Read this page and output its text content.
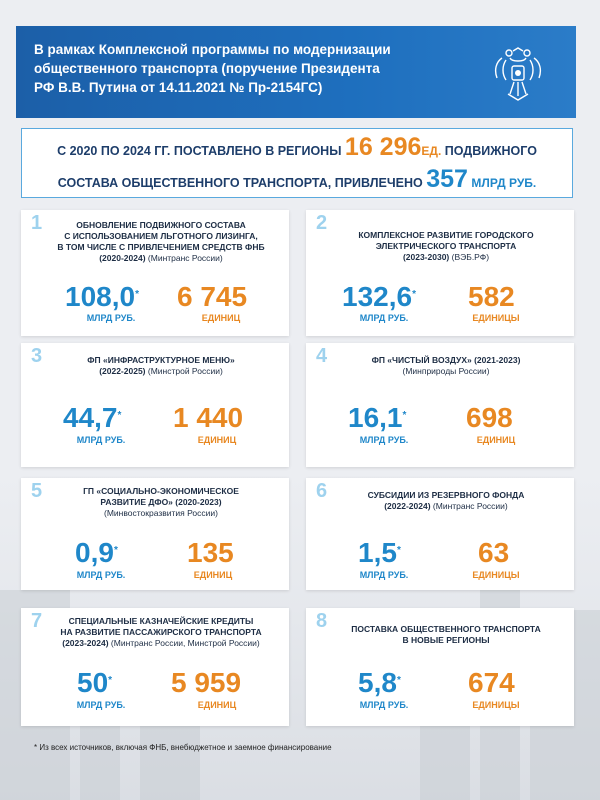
В рамках Комплексной программы по модернизации
общественного транспорта (поручение Президента
РФ В.В. Путина от 14.11.2021 № Пр-2154ГС)
С 2020 ПО 2024 ГГ. ПОСТАВЛЕНО В РЕГИОНЫ 16 296ЕД. ПОДВИЖНОГО
СОСТАВА ОБЩЕСТВЕННОГО ТРАНСПОРТА, ПРИВЛЕЧЕНО 357 МЛРД РУБ.
1	ОБНОВЛЕНИЕ ПОДВИЖНОГО СОСТАВА
С ИСПОЛЬЗОВАНИЕМ ЛЬГОТНОГО ЛИЗИНГА,
В ТОМ ЧИСЛЕ С ПРИВЛЕЧЕНИЕМ СРЕДСТВ ФНБ
(2020-2024) (Минтранс России)
108,0*
МЛРД РУБ.
6 745
ЕДИНИЦ
2
КОМПЛЕКСНОЕ РАЗВИТИЕ ГОРОДСКОГО
ЭЛЕКТРИЧЕСКОГО ТРАНСПОРТА
(2023-2030) (ВЭБ.РФ)
132,6*
МЛРД РУБ.
582
ЕДИНИЦЫ
3	ФП «ИНФРАСТРУКТУРНОЕ МЕНЮ»
(2022-2025) (Минстрой России)
44,7*
МЛРД РУБ.
1 440
ЕДИНИЦ
4	ФП «ЧИСТЫЙ ВОЗДУХ» (2021-2023)
(Минприроды России)
16,1*
МЛРД РУБ.
698
ЕДИНИЦ
5	ГП «СОЦИАЛЬНО-ЭКОНОМИЧЕСКОЕ
РАЗВИТИЕ ДФО» (2020-2023)
(Минвостокразвития России)
0,9*
МЛРД РУБ.
135
ЕДИНИЦ
6	СУБСИДИИ ИЗ РЕЗЕРВНОГО ФОНДА
(2022-2024) (Минтранс России)
1,5*
МЛРД РУБ.
63
ЕДИНИЦЫ
7	СПЕЦИАЛЬНЫЕ КАЗНАЧЕЙСКИЕ КРЕДИТЫ
НА РАЗВИТИЕ ПАССАЖИРСКОГО ТРАНСПОРТА
(2023-2024) (Минтранс России, Минстрой России)
50*
МЛРД РУБ.
5 959
ЕДИНИЦ
8	ПОСТАВКА ОБЩЕСТВЕННОГО ТРАНСПОРТА
В НОВЫЕ РЕГИОНЫ
5,8*
МЛРД РУБ.
674
ЕДИНИЦЫ
* Из всех источников, включая ФНБ, внебюджетное и заемное финансирование
